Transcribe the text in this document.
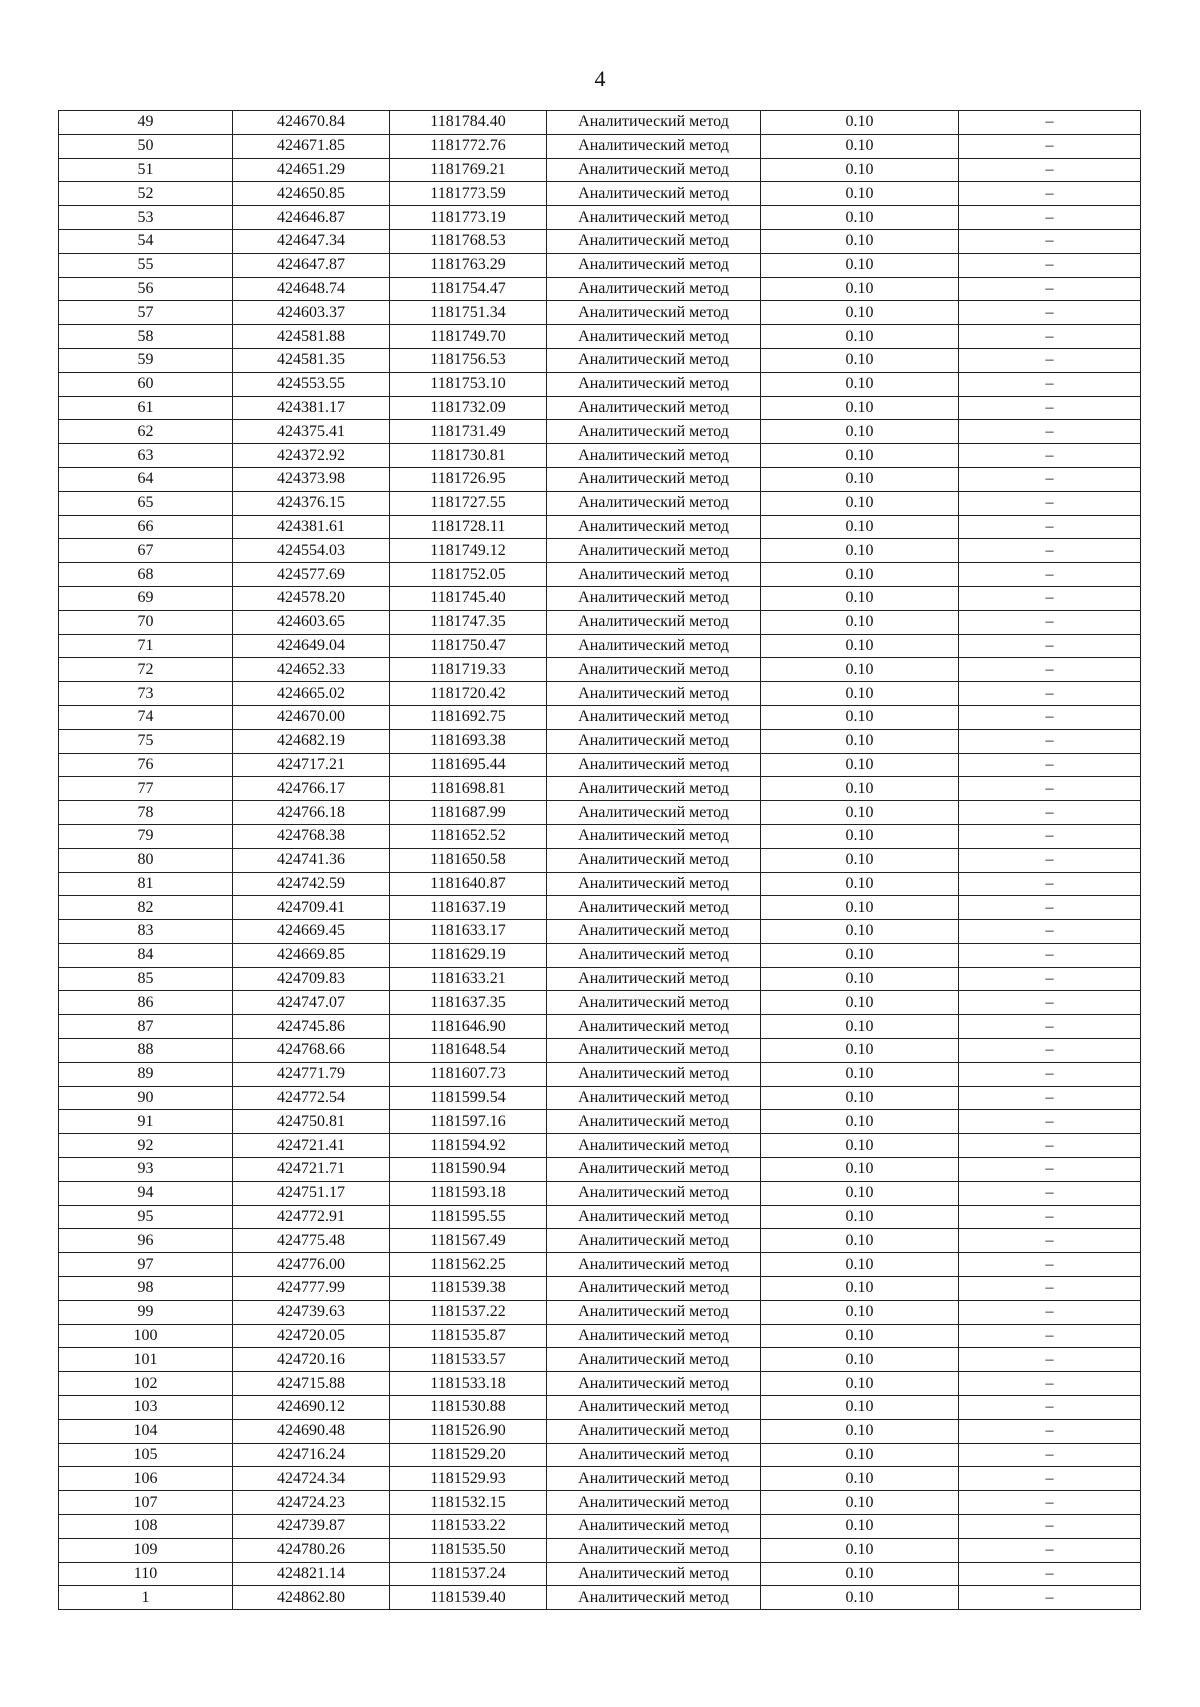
4
49	424670.84	1181784.40	Аналитический метод	0.10	–
50	424671.85	1181772.76	Аналитический метод	0.10	–
51	424651.29	1181769.21	Аналитический метод	0.10	–
52	424650.85	1181773.59	Аналитический метод	0.10	–
53	424646.87	1181773.19	Аналитический метод	0.10	–
54	424647.34	1181768.53	Аналитический метод	0.10	–
55	424647.87	1181763.29	Аналитический метод	0.10	–
56	424648.74	1181754.47	Аналитический метод	0.10	–
57	424603.37	1181751.34	Аналитический метод	0.10	–
58	424581.88	1181749.70	Аналитический метод	0.10	–
59	424581.35	1181756.53	Аналитический метод	0.10	–
60	424553.55	1181753.10	Аналитический метод	0.10	–
61	424381.17	1181732.09	Аналитический метод	0.10	–
62	424375.41	1181731.49	Аналитический метод	0.10	–
63	424372.92	1181730.81	Аналитический метод	0.10	–
64	424373.98	1181726.95	Аналитический метод	0.10	–
65	424376.15	1181727.55	Аналитический метод	0.10	–
66	424381.61	1181728.11	Аналитический метод	0.10	–
67	424554.03	1181749.12	Аналитический метод	0.10	–
68	424577.69	1181752.05	Аналитический метод	0.10	–
69	424578.20	1181745.40	Аналитический метод	0.10	–
70	424603.65	1181747.35	Аналитический метод	0.10	–
71	424649.04	1181750.47	Аналитический метод	0.10	–
72	424652.33	1181719.33	Аналитический метод	0.10	–
73	424665.02	1181720.42	Аналитический метод	0.10	–
74	424670.00	1181692.75	Аналитический метод	0.10	–
75	424682.19	1181693.38	Аналитический метод	0.10	–
76	424717.21	1181695.44	Аналитический метод	0.10	–
77	424766.17	1181698.81	Аналитический метод	0.10	–
78	424766.18	1181687.99	Аналитический метод	0.10	–
79	424768.38	1181652.52	Аналитический метод	0.10	–
80	424741.36	1181650.58	Аналитический метод	0.10	–
81	424742.59	1181640.87	Аналитический метод	0.10	–
82	424709.41	1181637.19	Аналитический метод	0.10	–
83	424669.45	1181633.17	Аналитический метод	0.10	–
84	424669.85	1181629.19	Аналитический метод	0.10	–
85	424709.83	1181633.21	Аналитический метод	0.10	–
86	424747.07	1181637.35	Аналитический метод	0.10	–
87	424745.86	1181646.90	Аналитический метод	0.10	–
88	424768.66	1181648.54	Аналитический метод	0.10	–
89	424771.79	1181607.73	Аналитический метод	0.10	–
90	424772.54	1181599.54	Аналитический метод	0.10	–
91	424750.81	1181597.16	Аналитический метод	0.10	–
92	424721.41	1181594.92	Аналитический метод	0.10	–
93	424721.71	1181590.94	Аналитический метод	0.10	–
94	424751.17	1181593.18	Аналитический метод	0.10	–
95	424772.91	1181595.55	Аналитический метод	0.10	–
96	424775.48	1181567.49	Аналитический метод	0.10	–
97	424776.00	1181562.25	Аналитический метод	0.10	–
98	424777.99	1181539.38	Аналитический метод	0.10	–
99	424739.63	1181537.22	Аналитический метод	0.10	–
100	424720.05	1181535.87	Аналитический метод	0.10	–
101	424720.16	1181533.57	Аналитический метод	0.10	–
102	424715.88	1181533.18	Аналитический метод	0.10	–
103	424690.12	1181530.88	Аналитический метод	0.10	–
104	424690.48	1181526.90	Аналитический метод	0.10	–
105	424716.24	1181529.20	Аналитический метод	0.10	–
106	424724.34	1181529.93	Аналитический метод	0.10	–
107	424724.23	1181532.15	Аналитический метод	0.10	–
108	424739.87	1181533.22	Аналитический метод	0.10	–
109	424780.26	1181535.50	Аналитический метод	0.10	–
110	424821.14	1181537.24	Аналитический метод	0.10	–
1	424862.80	1181539.40	Аналитический метод	0.10	–
